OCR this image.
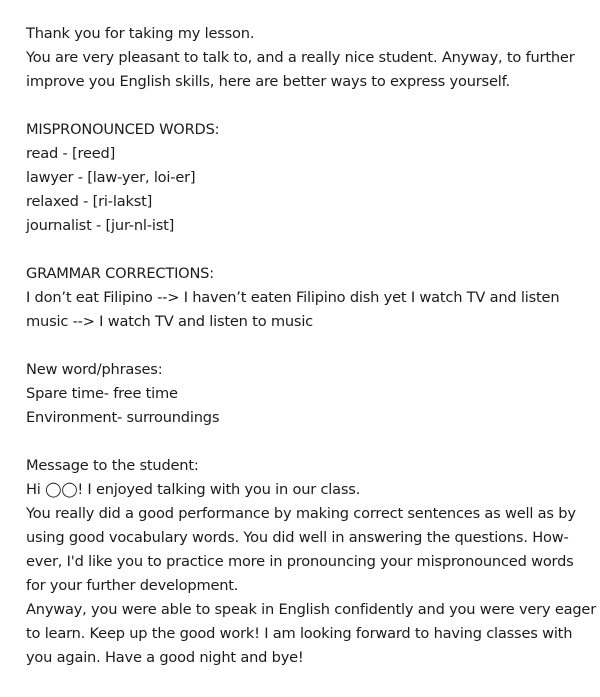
Thank you for taking my lesson.
You are very pleasant to talk to, and a really nice student. Anyway, to further
improve you English skills, here are better ways to express yourself.
MISPRONOUNCED WORDS:
read - [reed]
lawyer - [law-yer, loi-er]
relaxed - [ri-lakst]
journalist - [jur-nl-ist]
GRAMMAR CORRECTIONS:
I don’t eat Filipino --> I haven’t eaten Filipino dish yet I watch TV and listen
music --> I watch TV and listen to music
New word/phrases:
Spare time- free time
Environment- surroundings
Message to the student:
Hi ◯◯! I enjoyed talking with you in our class.
You really did a good performance by making correct sentences as well as by
using good vocabulary words. You did well in answering the questions. How-
ever, I'd like you to practice more in pronouncing your mispronounced words
for your further development.
Anyway, you were able to speak in English confidently and you were very eager
to learn. Keep up the good work! I am looking forward to having classes with
you again. Have a good night and bye!
